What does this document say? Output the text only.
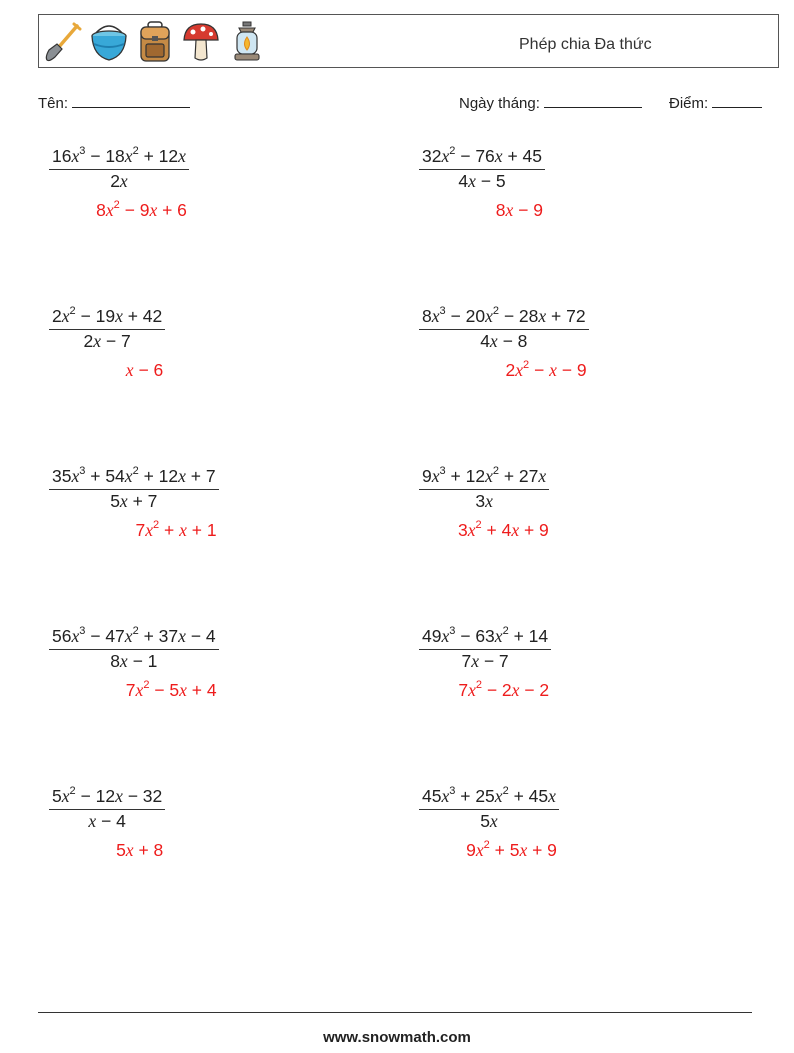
Phép chia Đa thức
Tên:	Ngày tháng:	Điểm:
$\frac{16x^3 - 18x^2 + 12x}{2x}$
$8x^2 - 9x + 6$
$\frac{32x^2 - 76x + 45}{4x - 5}$
8x − 9
$\frac{2x^2 - 19x + 42}{2x - 7}$
x − 6
$\frac{8x^3 - 20x^2 - 28x + 72}{4x - 8}$
$2x^2 - x - 9$
$\frac{35x^3 + 54x^2 + 12x + 7}{5x + 7}$
$7x^2 + x + 1$
$\frac{9x^3 + 12x^2 + 27x}{3x}$
$3x^2 + 4x + 9$
$\frac{56x^3 - 47x^2 + 37x - 4}{8x - 1}$
$7x^2 - 5x + 4$
$\frac{49x^3 - 63x^2 + 14}{7x - 7}$
$7x^2 - 2x - 2$
$\frac{5x^2 - 12x - 32}{x - 4}$
5x + 8
$\frac{45x^3 + 25x^2 + 45x}{5x}$
$9x^2 + 5x + 9$
www.snowmath.com
